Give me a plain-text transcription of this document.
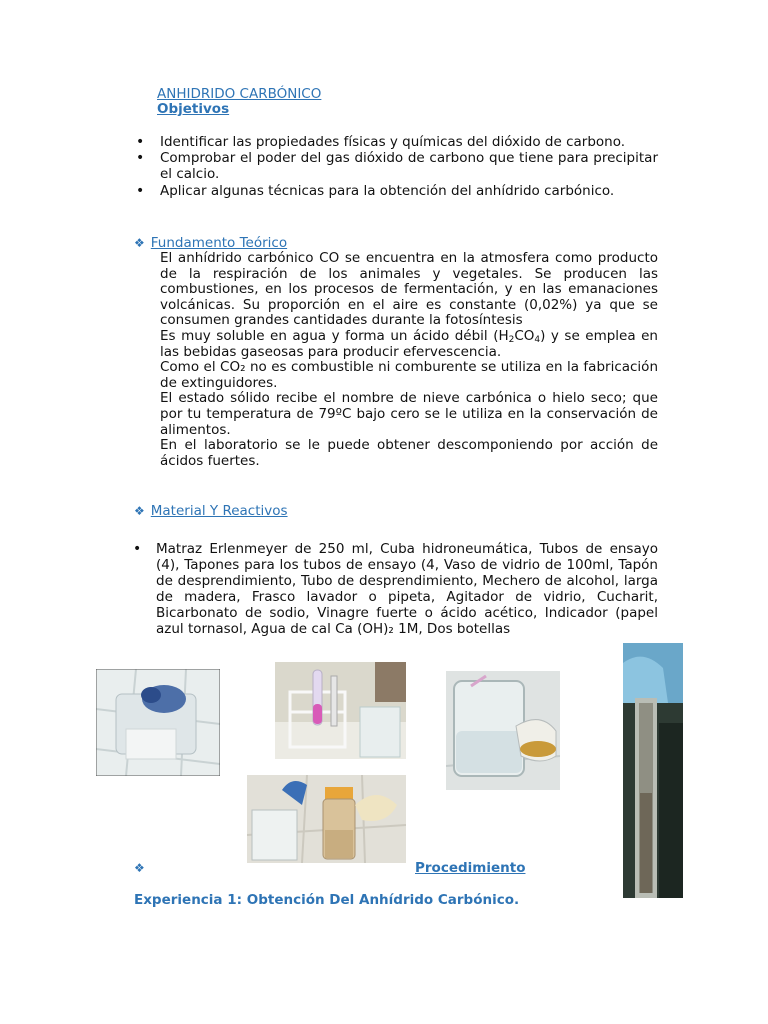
ANHIDRIDO CARBÓNICO
Objetivos
• Identificar las propiedades físicas y químicas del dióxido de carbono.
• Comprobar el poder del gas dióxido de carbono que tiene para precipitar el calcio.
• Aplicar algunas técnicas para la obtención del anhídrido carbónico.
❖ Fundamento Teórico

El anhídrido carbónico CO se encuentra en la atmosfera como producto de la respiración de los animales y vegetales. Se producen las combustiones, en los procesos de fermentación, y en las emanaciones volcánicas. Su proporción en el aire es constante (0,02%) ya que se consumen grandes cantidades durante la fotosíntesis

Es muy soluble en agua y forma un ácido débil $(H_2CO_4)$ y se emplea en las bebidas gaseosas para producir efervescencia.

Como el CO₂ no es combustible ni comburente se utiliza en la fabricación de extinguidores.

El estado sólido recibe el nombre de nieve carbónica o hielo seco; que por tu temperatura de 79ºC bajo cero se le utiliza en la conservación de alimentos.

En el laboratorio se le puede obtener descomponiendo por acción de ácidos fuertes.

❖ Material Y Reactivos
• Matraz Erlenmeyer de 250 ml, Cuba hidroneumática, Tubos de ensayo (4), Tapones para los tubos de ensayo (4, Vaso de vidrio de 100ml, Tapón de desprendimiento, Tubo de desprendimiento, Mechero de alcohol, larga de madera, Frasco lavador o pipeta, Agitador de vidrio, Cucharit, Bicarbonato de sodio, Vinagre fuerte o ácido acético, Indicador (papel azul tornasol, Agua de cal Ca (OH)₂ 1M, Dos botellas
❖	Procedimiento
Experiencia 1: Obtención Del Anhídrido Carbónico.
